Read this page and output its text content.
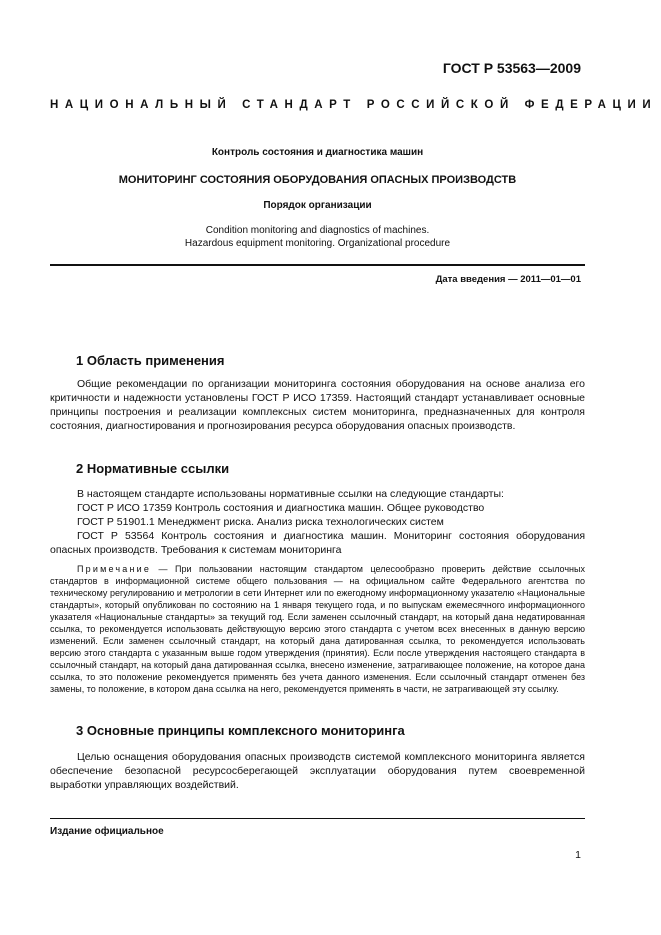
ГОСТ Р 53563—2009
НАЦИОНАЛЬНЫЙ СТАНДАРТ РОССИЙСКОЙ ФЕДЕРАЦИИ
Контроль состояния и диагностика машин
МОНИТОРИНГ СОСТОЯНИЯ ОБОРУДОВАНИЯ ОПАСНЫХ ПРОИЗВОДСТВ
Порядок организации
Condition monitoring and diagnostics of machines.
Hazardous equipment monitoring. Organizational procedure
Дата введения — 2011—01—01
1 Область применения

Общие рекомендации по организации мониторинга состояния оборудования на основе анализа его критичности и надежности установлены ГОСТ Р ИСО 17359. Настоящий стандарт устанавливает основные принципы построения и реализации комплексных систем мониторинга, предназначенных для контроля состояния, диагностирования и прогнозирования ресурса оборудования опасных производств.

2 Нормативные ссылки

В настоящем стандарте использованы нормативные ссылки на следующие стандарты:

ГОСТ Р ИСО 17359 Контроль состояния и диагностика машин. Общее руководство

ГОСТ Р 51901.1 Менеджмент риска. Анализ риска технологических систем

ГОСТ Р 53564 Контроль состояния и диагностика машин. Мониторинг состояния оборудования опасных производств. Требования к системам мониторинга

Примечание — При пользовании настоящим стандартом целесообразно проверить действие ссылочных стандартов в информационной системе общего пользования — на официальном сайте Федерального агентства по техническому регулированию и метрологии в сети Интернет или по ежегодному информационному указателю «Национальные стандарты», который опубликован по состоянию на 1 января текущего года, и по выпускам ежемесячного информационного указателя «Национальные стандарты» за текущий год. Если заменен ссылочный стандарт, на который дана недатированная ссылка, то рекомендуется использовать действующую версию этого стандарта с учетом всех внесенных в данную версию изменений. Если заменен ссылочный стандарт, на который дана датированная ссылка, то рекомендуется использовать версию этого стандарта с указанным выше годом утверждения (принятия). Если после утверждения настоящего стандарта в ссылочный стандарт, на который дана датированная ссылка, внесено изменение, затрагивающее положение, на которое дана ссылка, то это положение рекомендуется применять без учета данного изменения. Если ссылочный стандарт отменен без замены, то положение, в котором дана ссылка на него, рекомендуется применять в части, не затрагивающей эту ссылку.

3 Основные принципы комплексного мониторинга

Целью оснащения оборудования опасных производств системой комплексного мониторинга является обеспечение безопасной ресурсосберегающей эксплуатации оборудования путем своевременной выработки управляющих воздействий.

Издание официальное
1
